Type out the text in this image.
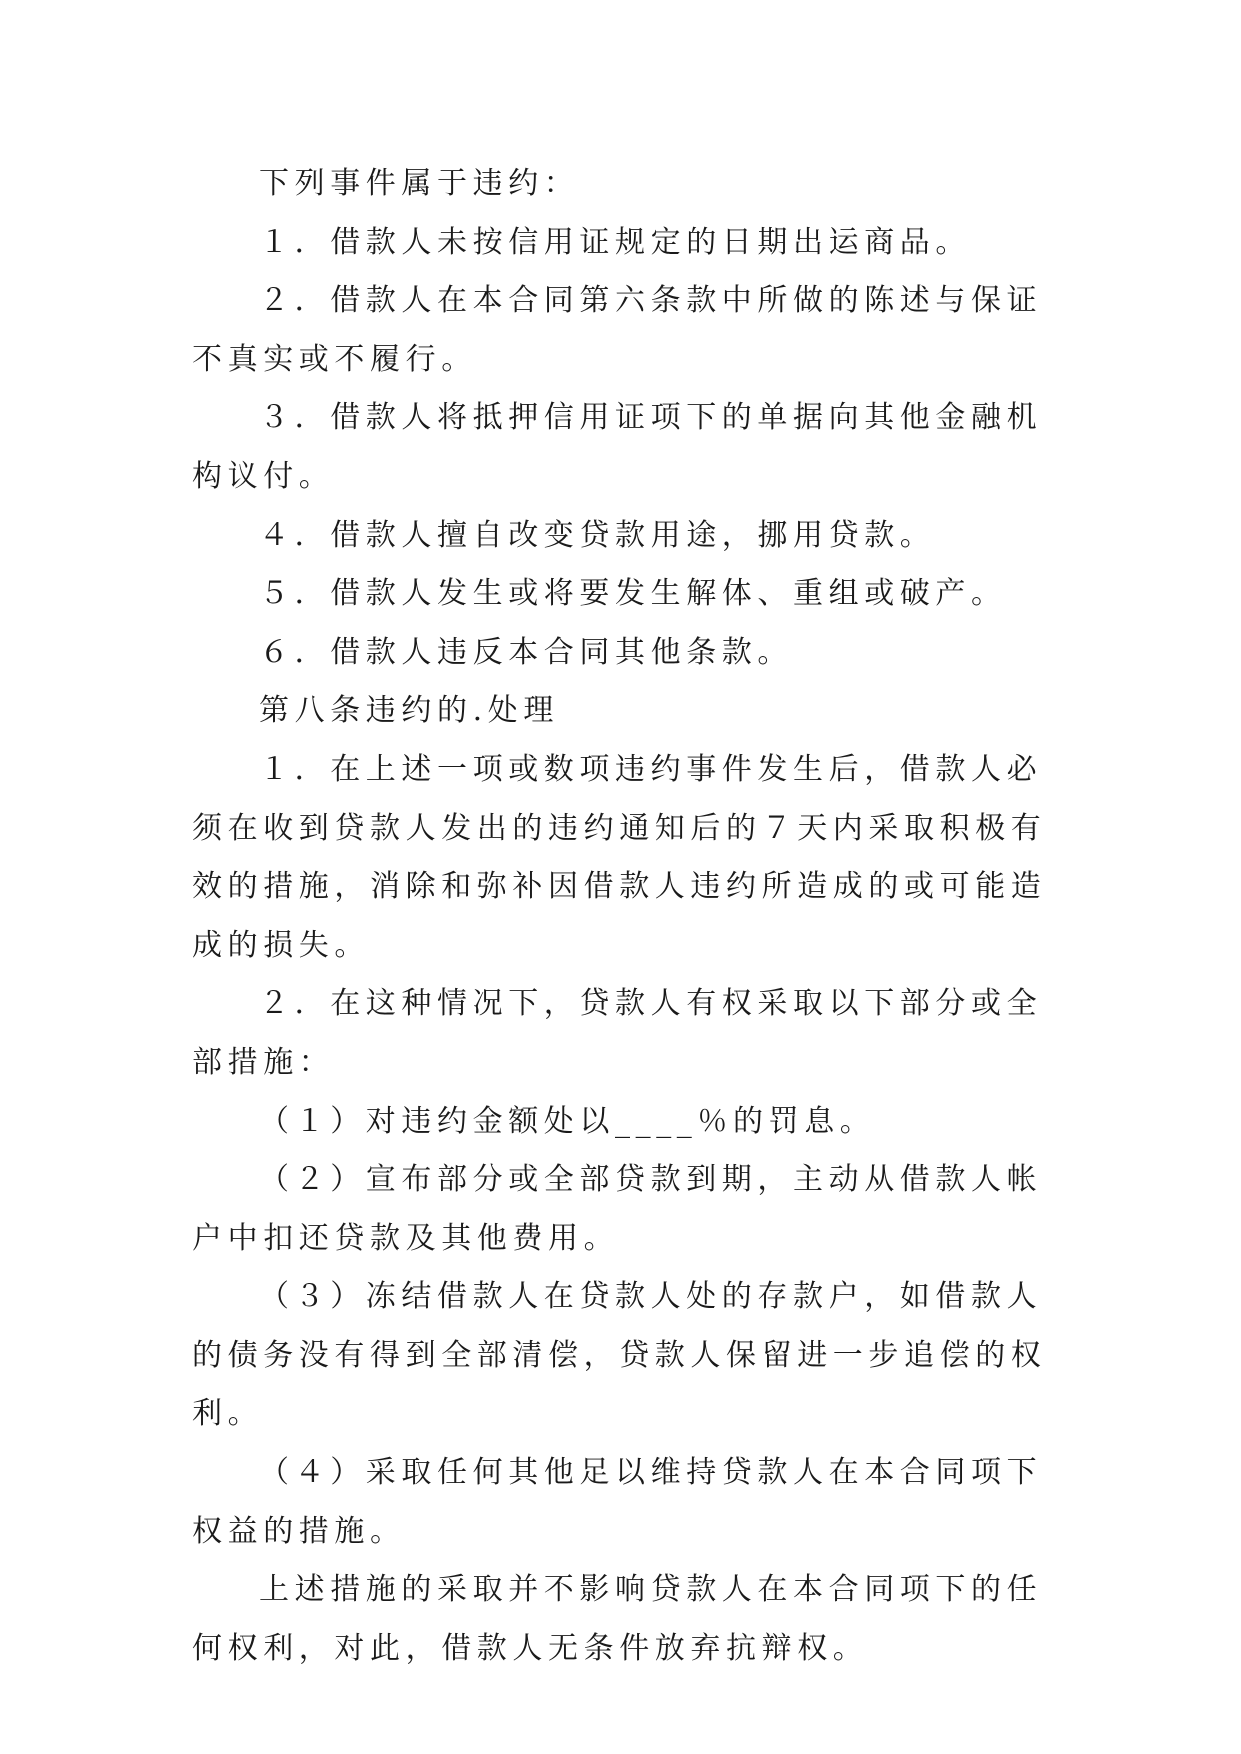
下列事件属于违约：

１．借款人未按信用证规定的日期出运商品。

２．借款人在本合同第六条款中所做的陈述与保证不真实或不履行。

３．借款人将抵押信用证项下的单据向其他金融机构议付。

４．借款人擅自改变贷款用途，挪用贷款。

５．借款人发生或将要发生解体、重组或破产。

６．借款人违反本合同其他条款。

第八条违约的.处理

１．在上述一项或数项违约事件发生后，借款人必须在收到贷款人发出的违约通知后的７天内采取积极有效的措施，消除和弥补因借款人违约所造成的或可能造成的损失。

２．在这种情况下，贷款人有权采取以下部分或全部措施：

（１）对违约金额处以____％的罚息。

（２）宣布部分或全部贷款到期，主动从借款人帐户中扣还贷款及其他费用。

（３）冻结借款人在贷款人处的存款户，如借款人的债务没有得到全部清偿，贷款人保留进一步追偿的权利。

（４）采取任何其他足以维持贷款人在本合同项下权益的措施。

上述措施的采取并不影响贷款人在本合同项下的任何权利，对此，借款人无条件放弃抗辩权。
